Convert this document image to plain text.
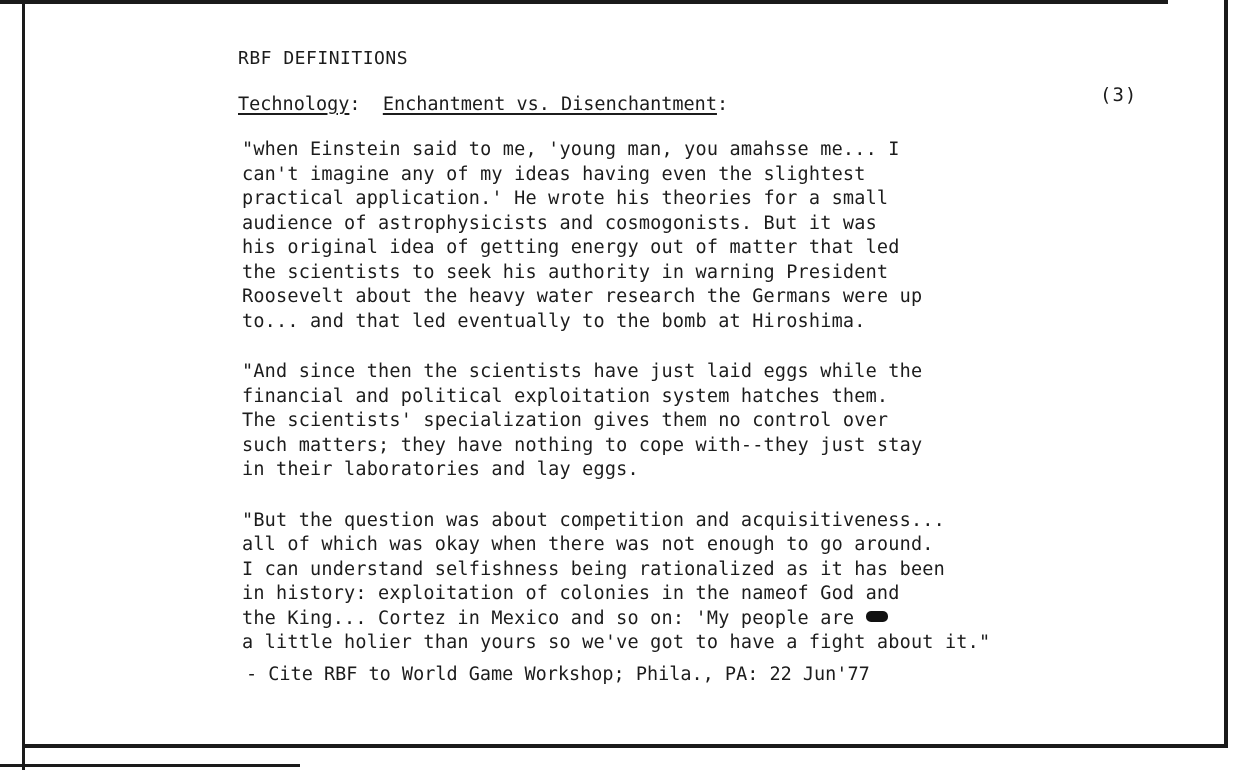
(3)
RBF DEFINITIONS
Technology: Enchantment vs. Disenchantment:

"when Einstein said to me, 'young man, you amahsse me... I
can't imagine any of my ideas having even the slightest
practical application.' He wrote his theories for a small
audience of astrophysicists and cosmogonists. But it was
his original idea of getting energy out of matter that led
the scientists to seek his authority in warning President
Roosevelt about the heavy water research the Germans were up
to... and that led eventually to the bomb at Hiroshima.

"And since then the scientists have just laid eggs while the
financial and political exploitation system hatches them.
The scientists' specialization gives them no control over
such matters; they have nothing to cope with--they just stay
in their laboratories and lay eggs.

"But the question was about competition and acquisitiveness...
all of which was okay when there was not enough to go around.
I can understand selfishness being rationalized as it has been
in history: exploitation of colonies in the nameof God and
the King... Cortez in Mexico and so on: 'My people are
a little holier than yours so we've got to have a fight about it."

- Cite RBF to World Game Workshop; Phila., PA: 22 Jun'77
